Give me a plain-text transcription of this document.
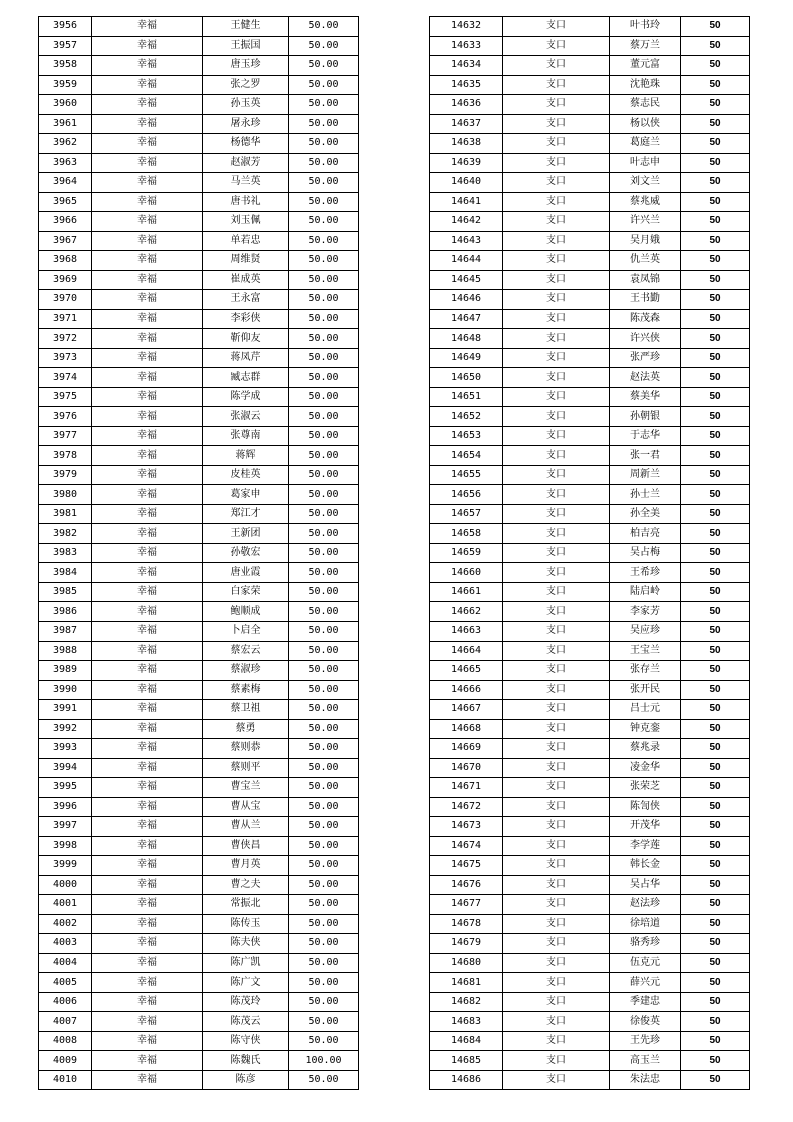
3956	幸福	王健生	50.00
3957	幸福	王振国	50.00
3958	幸福	唐玉珍	50.00
3959	幸福	张之罗	50.00
3960	幸福	孙玉英	50.00
3961	幸福	屠永珍	50.00
3962	幸福	杨德华	50.00
3963	幸福	赵淑芳	50.00
3964	幸福	马兰英	50.00
3965	幸福	唐书礼	50.00
3966	幸福	刘玉佩	50.00
3967	幸福	单若忠	50.00
3968	幸福	周维贤	50.00
3969	幸福	崔成英	50.00
3970	幸福	王永富	50.00
3971	幸福	李彩侠	50.00
3972	幸福	靳仰友	50.00
3973	幸福	蒋凤芹	50.00
3974	幸福	臧志群	50.00
3975	幸福	陈学成	50.00
3976	幸福	张淑云	50.00
3977	幸福	张尊南	50.00
3978	幸福	蒋辉	50.00
3979	幸福	皮桂英	50.00
3980	幸福	葛家申	50.00
3981	幸福	郑江才	50.00
3982	幸福	王新团	50.00
3983	幸福	孙敬宏	50.00
3984	幸福	唐业霞	50.00
3985	幸福	白家荣	50.00
3986	幸福	鲍顺成	50.00
3987	幸福	卜启全	50.00
3988	幸福	蔡宏云	50.00
3989	幸福	蔡淑珍	50.00
3990	幸福	蔡素梅	50.00
3991	幸福	蔡卫祖	50.00
3992	幸福	蔡勇	50.00
3993	幸福	蔡则恭	50.00
3994	幸福	蔡则平	50.00
3995	幸福	曹宝兰	50.00
3996	幸福	曹从宝	50.00
3997	幸福	曹从兰	50.00
3998	幸福	曹侠昌	50.00
3999	幸福	曹月英	50.00
4000	幸福	曹之夫	50.00
4001	幸福	常振北	50.00
4002	幸福	陈传玉	50.00
4003	幸福	陈夫侠	50.00
4004	幸福	陈广凯	50.00
4005	幸福	陈广文	50.00
4006	幸福	陈茂玲	50.00
4007	幸福	陈茂云	50.00
4008	幸福	陈守侠	50.00
4009	幸福	陈魏氏	100.00
4010	幸福	陈彦	50.00
14632	支口	叶书玲	50
14633	支口	蔡万兰	50
14634	支口	董元富	50
14635	支口	沈艳珠	50
14636	支口	蔡志民	50
14637	支口	杨以侠	50
14638	支口	葛庭兰	50
14639	支口	叶志申	50
14640	支口	刘文兰	50
14641	支口	蔡兆威	50
14642	支口	许兴兰	50
14643	支口	吴月娥	50
14644	支口	仇兰英	50
14645	支口	袁凤锦	50
14646	支口	王书勤	50
14647	支口	陈茂森	50
14648	支口	许兴侠	50
14649	支口	张严珍	50
14650	支口	赵法英	50
14651	支口	蔡美华	50
14652	支口	孙朝银	50
14653	支口	于志华	50
14654	支口	张一君	50
14655	支口	周新兰	50
14656	支口	孙士兰	50
14657	支口	孙全美	50
14658	支口	柏吉亮	50
14659	支口	吴占梅	50
14660	支口	王希珍	50
14661	支口	陆启岭	50
14662	支口	李家芳	50
14663	支口	吴应珍	50
14664	支口	王宝兰	50
14665	支口	张存兰	50
14666	支口	张开民	50
14667	支口	吕士元	50
14668	支口	钟克銮	50
14669	支口	蔡兆录	50
14670	支口	凌金华	50
14671	支口	张荣芝	50
14672	支口	陈訇侠	50
14673	支口	开茂华	50
14674	支口	李学莲	50
14675	支口	韩长金	50
14676	支口	吴占华	50
14677	支口	赵法珍	50
14678	支口	徐培道	50
14679	支口	骆秀珍	50
14680	支口	伍克元	50
14681	支口	薛兴元	50
14682	支口	季建忠	50
14683	支口	徐俊英	50
14684	支口	王先珍	50
14685	支口	高玉兰	50
14686	支口	朱法忠	50
